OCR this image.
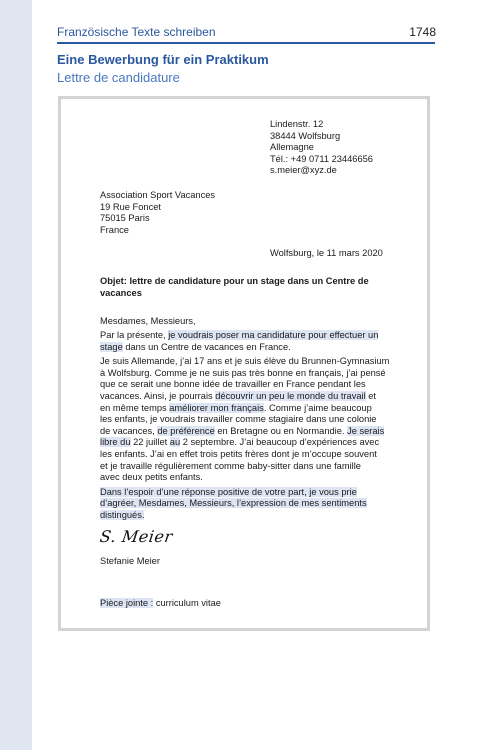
Französische Texte schreiben	1748
Eine Bewerbung für ein Praktikum
Lettre de candidature
Lindenstr. 12
38444 Wolfsburg
Allemagne
Tél.: +49 0711 23446656
s.meier@xyz.de
Association Sport Vacances
19 Rue Foncet
75015 Paris
France
Wolfsburg, le 11 mars 2020
Objet: lettre de candidature pour un stage dans un Centre de
vacances
Mesdames, Messieurs,

Par la présente, je voudrais poser ma candidature pour effectuer un
stage dans un Centre de vacances en France.

Je suis Allemande, j’ai 17 ans et je suis élève du Brunnen-Gymnasium
à Wolfsburg. Comme je ne suis pas très bonne en français, j’ai pensé
que ce serait une bonne idée de travailler en France pendant les
vacances. Ainsi, je pourrais découvrir un peu le monde du travail et
en même temps améliorer mon français. Comme j’aime beaucoup
les enfants, je voudrais travailler comme stagiaire dans une colonie
de vacances, de préférence en Bretagne ou en Normandie. Je serais
libre du 22 juillet au 2 septembre. J’ai beaucoup d’expériences avec
les enfants. J’ai en effet trois petits frères dont je m’occupe souvent
et je travaille régulièrement comme baby-sitter dans une famille
avec deux petits enfants.

Dans l’espoir d’une réponse positive de votre part, je vous prie
d’agréer, Mesdames, Messieurs, l’expression de mes sentiments
distingués.

S. Meier
Stefanie Meier
Pièce jointe : curriculum vitae
